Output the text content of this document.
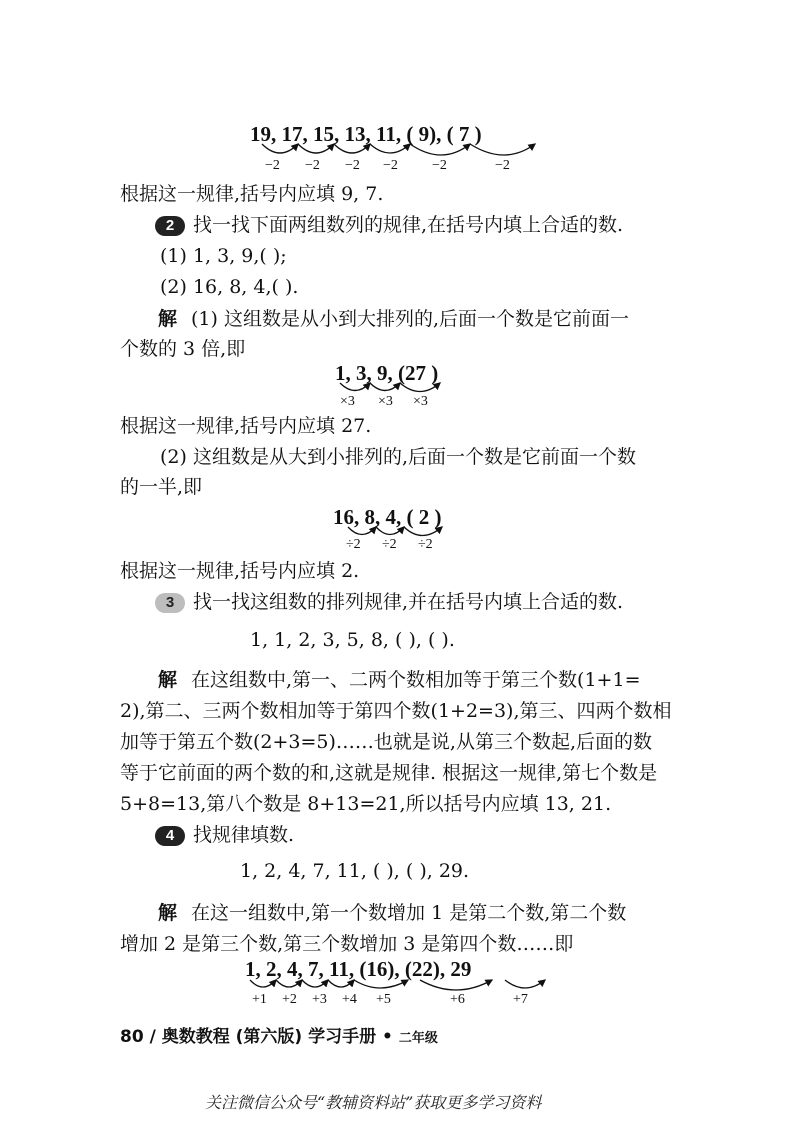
19, 17, 15, 13, 11, ( 9), ( 7 )
−2 −2 −2 −2 −2	−2
根据这一规律,括号内应填 9, 7.
2 找一找下面两组数列的规律,在括号内填上合适的数.
(1) 1, 3, 9,( );
(2) 16, 8, 4,( ).
解 (1) 这组数是从小到大排列的,后面一个数是它前面一
个数的 3 倍,即
1, 3, 9, (27 )
×3 ×3 ×3
根据这一规律,括号内应填 27.
(2) 这组数是从大到小排列的,后面一个数是它前面一个数
的一半,即
16, 8, 4, ( 2 )
÷2 ÷2 ÷2
根据这一规律,括号内应填 2.
3 找一找这组数的排列规律,并在括号内填上合适的数.
1, 1, 2, 3, 5, 8, ( ), ( ).
解 在这组数中,第一、二两个数相加等于第三个数(1+1=
2),第二、三两个数相加等于第四个数(1+2=3),第三、四两个数相
加等于第五个数(2+3=5)……也就是说,从第三个数起,后面的数
等于它前面的两个数的和,这就是规律. 根据这一规律,第七个数是
5+8=13,第八个数是 8+13=21,所以括号内应填 13, 21.
4 找规律填数.
1, 2, 4, 7, 11, ( ), ( ), 29.
解 在这一组数中,第一个数增加 1 是第二个数,第二个数
增加 2 是第三个数,第三个数增加 3 是第四个数……即
1, 2, 4, 7, 11, (16), (22), 29
+1 +2 +3 +4 +5	+6	+7
80 / 奥数教程 (第六版) 学习手册 • 二年级
关注微信公众号“教辅资料站”获取更多学习资料
